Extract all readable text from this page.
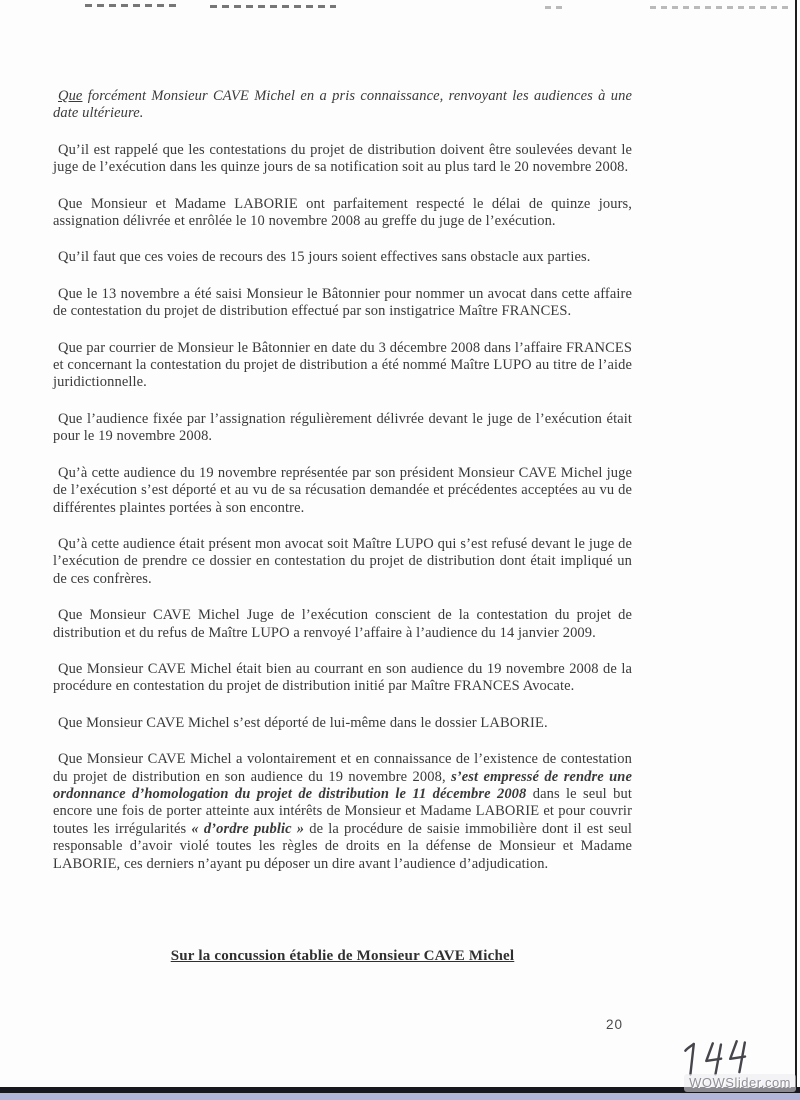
Que forcément Monsieur CAVE Michel en a pris connaissance, renvoyant les audiences à une date ultérieure.

Qu’il est rappelé que les contestations du projet de distribution doivent être soulevées devant le juge de l’exécution dans les quinze jours de sa notification soit au plus tard le 20 novembre 2008.

Que Monsieur et Madame LABORIE ont parfaitement respecté le délai de quinze jours, assignation délivrée et enrôlée le 10 novembre 2008 au greffe du juge de l’exécution.

Qu’il faut que ces voies de recours des 15 jours soient effectives sans obstacle aux parties.

Que le 13 novembre a été saisi Monsieur le Bâtonnier pour nommer un avocat dans cette affaire de contestation du projet de distribution effectué par son instigatrice Maître FRANCES.

Que par courrier de Monsieur le Bâtonnier en date du 3 décembre 2008 dans l’affaire FRANCES et concernant la contestation du projet de distribution a été nommé Maître LUPO au titre de l’aide juridictionnelle.

Que l’audience fixée par l’assignation régulièrement délivrée devant le juge de l’exécution était pour le 19 novembre 2008.

Qu’à cette audience du 19 novembre représentée par son président Monsieur CAVE Michel juge de l’exécution s’est déporté et au vu de sa récusation demandée et précédentes acceptées au vu de différentes plaintes portées à son encontre.

Qu’à cette audience était présent mon avocat soit Maître LUPO qui s’est refusé devant le juge de l’exécution de prendre ce dossier en contestation du projet de distribution dont était impliqué un de ces confrères.

Que Monsieur CAVE Michel Juge de l’exécution conscient de la contestation du projet de distribution et du refus de Maître LUPO a renvoyé l’affaire à l’audience du 14 janvier 2009.

Que Monsieur CAVE Michel était bien au courrant en son audience du 19 novembre 2008 de la procédure en contestation du projet de distribution initié par Maître FRANCES Avocate.

Que Monsieur CAVE Michel s’est déporté de lui-même dans le dossier LABORIE.

Que Monsieur CAVE Michel a volontairement et en connaissance de l’existence de contestation du projet de distribution en son audience du 19 novembre 2008, s’est empressé de rendre une ordonnance d’homologation du projet de distribution le 11 décembre 2008 dans le seul but encore une fois de porter atteinte aux intérêts de Monsieur et Madame LABORIE et pour couvrir toutes les irrégularités « d’ordre public » de la procédure de saisie immobilière dont il est seul responsable d’avoir violé toutes les règles de droits en la défense de Monsieur et Madame LABORIE, ces derniers n’ayant pu déposer un dire avant l’audience d’adjudication.

Sur la concussion établie de Monsieur CAVE Michel
20
WOWSlider.com
